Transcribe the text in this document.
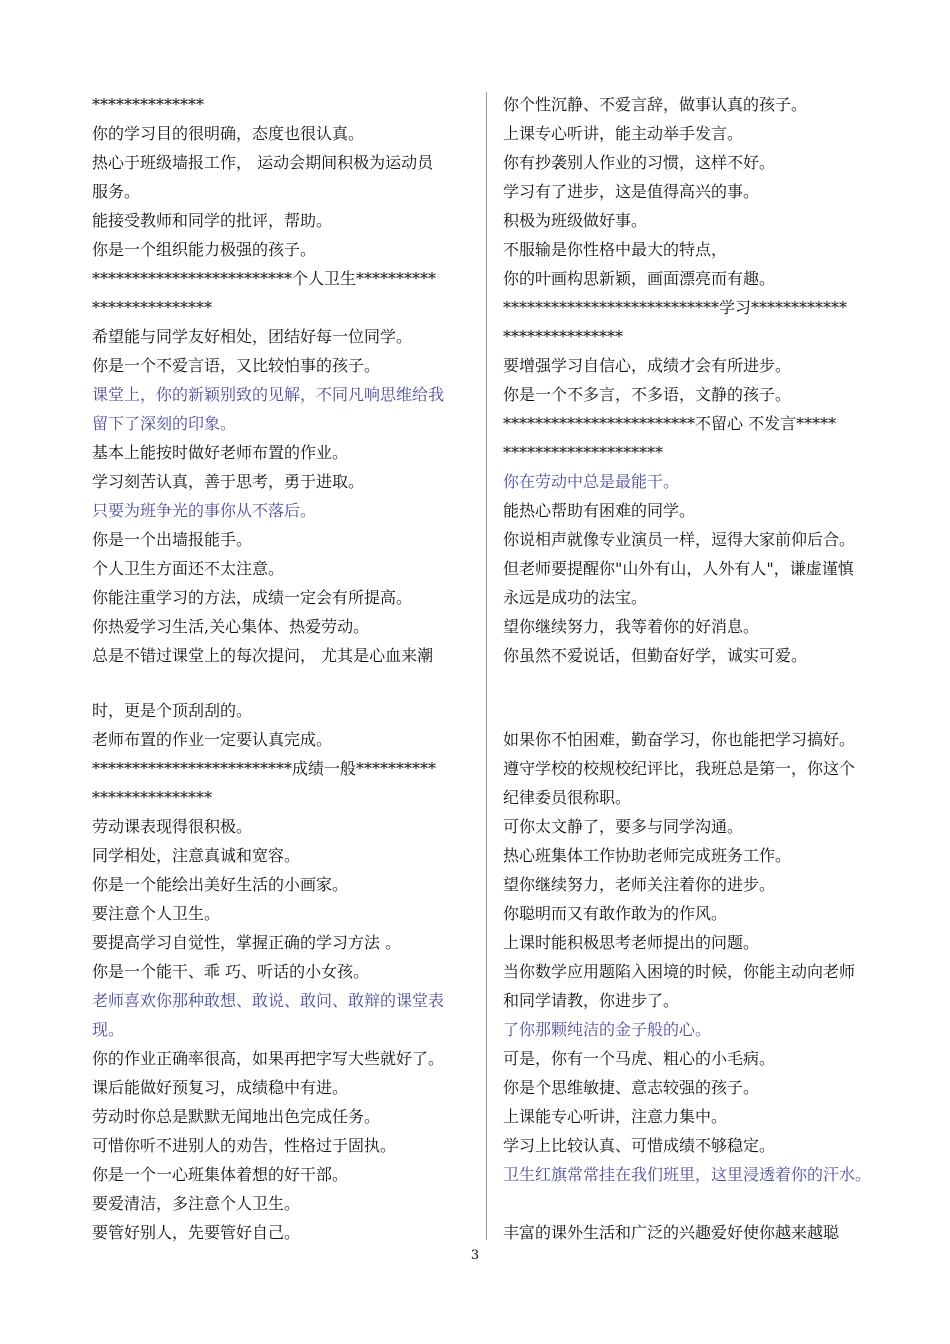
**************
你的学习目的很明确，态度也很认真。
热心于班级墙报工作， 运动会期间积极为运动员
服务。
能接受教师和同学的批评，帮助。
你是一个组织能力极强的孩子。
*************************个人卫生**********
***************
希望能与同学友好相处，团结好每一位同学。
你是一个不爱言语，又比较怕事的孩子。
课堂上，你的新颖别致的见解，不同凡响思维给我
留下了深刻的印象。
基本上能按时做好老师布置的作业。
学习刻苦认真，善于思考，勇于进取。
只要为班争光的事你从不落后。
你是一个出墙报能手。
个人卫生方面还不太注意。
你能注重学习的方法，成绩一定会有所提高。
你热爱学习生活,关心集体、热爱劳动。
总是不错过课堂上的每次提问， 尤其是心血来潮
时，更是个顶刮刮的。
老师布置的作业一定要认真完成。
*************************成绩一般**********
***************
劳动课表现得很积极。
同学相处，注意真诚和宽容。
你是一个能绘出美好生活的小画家。
要注意个人卫生。
要提高学习自觉性，掌握正确的学习方法 。
你是一个能干、乖 巧、听话的小女孩。
老师喜欢你那种敢想、敢说、敢问、敢辩的课堂表
现。
你的作业正确率很高，如果再把字写大些就好了。
课后能做好预复习，成绩稳中有进。
劳动时你总是默默无闻地出色完成任务。
可惜你听不进别人的劝告，性格过于固执。
你是一个一心班集体着想的好干部。
要爱清洁，多注意个人卫生。
要管好别人，先要管好自己。
你个性沉静、不爱言辞，做事认真的孩子。
上课专心听讲，能主动举手发言。
你有抄袭别人作业的习惯，这样不好。
学习有了进步，这是值得高兴的事。
积极为班级做好事。
不服输是你性格中最大的特点，
你的叶画构思新颖，画面漂亮而有趣。
***************************学习************
***************
要增强学习自信心，成绩才会有所进步。
你是一个不多言，不多语，文静的孩子。
************************不留心 不发言*****
********************
你在劳动中总是最能干。
能热心帮助有困难的同学。
你说相声就像专业演员一样，逗得大家前仰后合。
但老师要提醒你"山外有山，人外有人"，谦虚谨慎
永远是成功的法宝。
望你继续努力，我等着你的好消息。
你虽然不爱说话，但勤奋好学，诚实可爱。
如果你不怕困难，勤奋学习，你也能把学习搞好。
遵守学校的校规校纪评比，我班总是第一，你这个
纪律委员很称职。
可你太文静了，要多与同学沟通。
热心班集体工作协助老师完成班务工作。
望你继续努力，老师关注着你的进步。
你聪明而又有敢作敢为的作风。
上课时能积极思考老师提出的问题。
当你数学应用题陷入困境的时候，你能主动向老师
和同学请教，你进步了。
了你那颗纯洁的金子般的心。
可是，你有一个马虎、粗心的小毛病。
你是个思维敏捷、意志较强的孩子。
上课能专心听讲，注意力集中。
学习上比较认真、可惜成绩不够稳定。
卫生红旗常常挂在我们班里，这里浸透着你的汗水。
丰富的课外生活和广泛的兴趣爱好使你越来越聪
3
